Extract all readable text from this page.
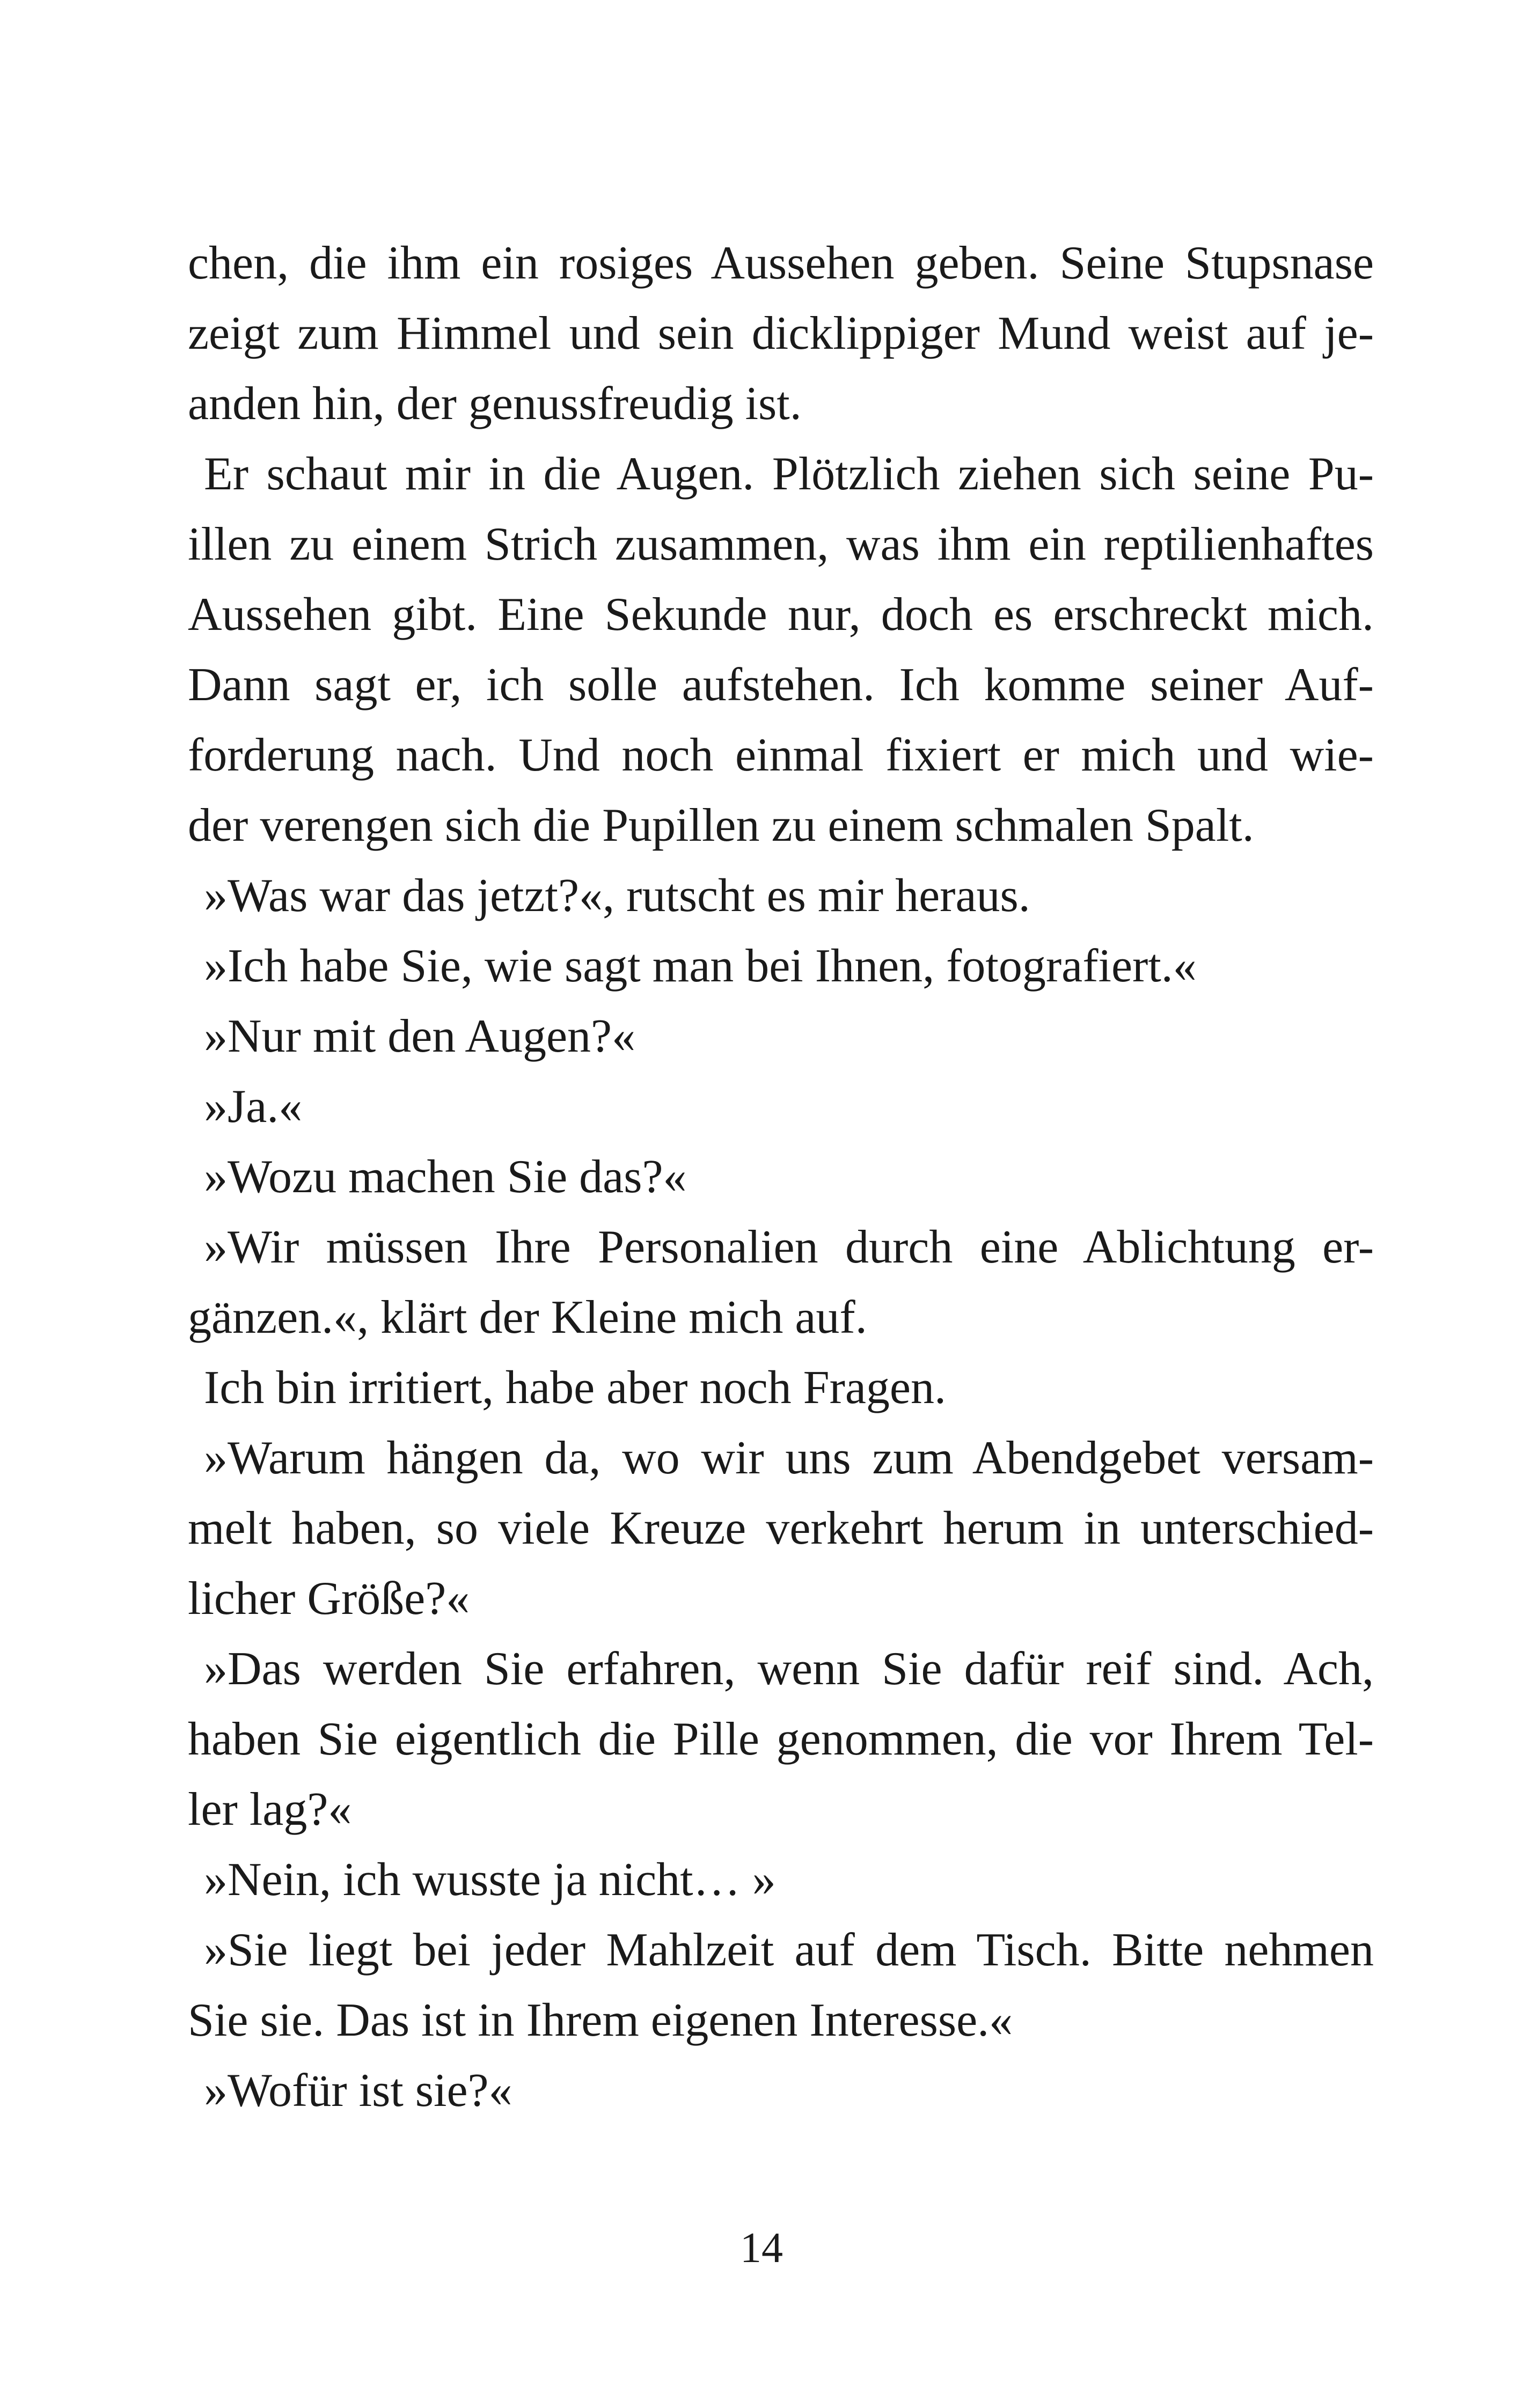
chen, die ihm ein rosiges Aussehen geben. Seine Stupsnase
zeigt zum Himmel und sein dicklippiger Mund weist auf je-
anden hin, der genussfreudig ist.
Er schaut mir in die Augen. Plötzlich ziehen sich seine Pu-
illen zu einem Strich zusammen, was ihm ein reptilienhaftes
Aussehen gibt. Eine Sekunde nur, doch es erschreckt mich.
Dann sagt er, ich solle aufstehen. Ich komme seiner Auf-
forderung nach. Und noch einmal fixiert er mich und wie-
der verengen sich die Pupillen zu einem schmalen Spalt.
»Was war das jetzt?«, rutscht es mir heraus.
»Ich habe Sie, wie sagt man bei Ihnen, fotografiert.«
»Nur mit den Augen?«
»Ja.«
»Wozu machen Sie das?«
»Wir müssen Ihre Personalien durch eine Ablichtung er-
gänzen.«, klärt der Kleine mich auf.
Ich bin irritiert, habe aber noch Fragen.
»Warum hängen da, wo wir uns zum Abendgebet versam-
melt haben, so viele Kreuze verkehrt herum in unterschied-
licher Größe?«
»Das werden Sie erfahren, wenn Sie dafür reif sind. Ach,
haben Sie eigentlich die Pille genommen, die vor Ihrem Tel-
ler lag?«
»Nein, ich wusste ja nicht… »
»Sie liegt bei jeder Mahlzeit auf dem Tisch. Bitte nehmen
Sie sie. Das ist in Ihrem eigenen Interesse.«
»Wofür ist sie?«
14
